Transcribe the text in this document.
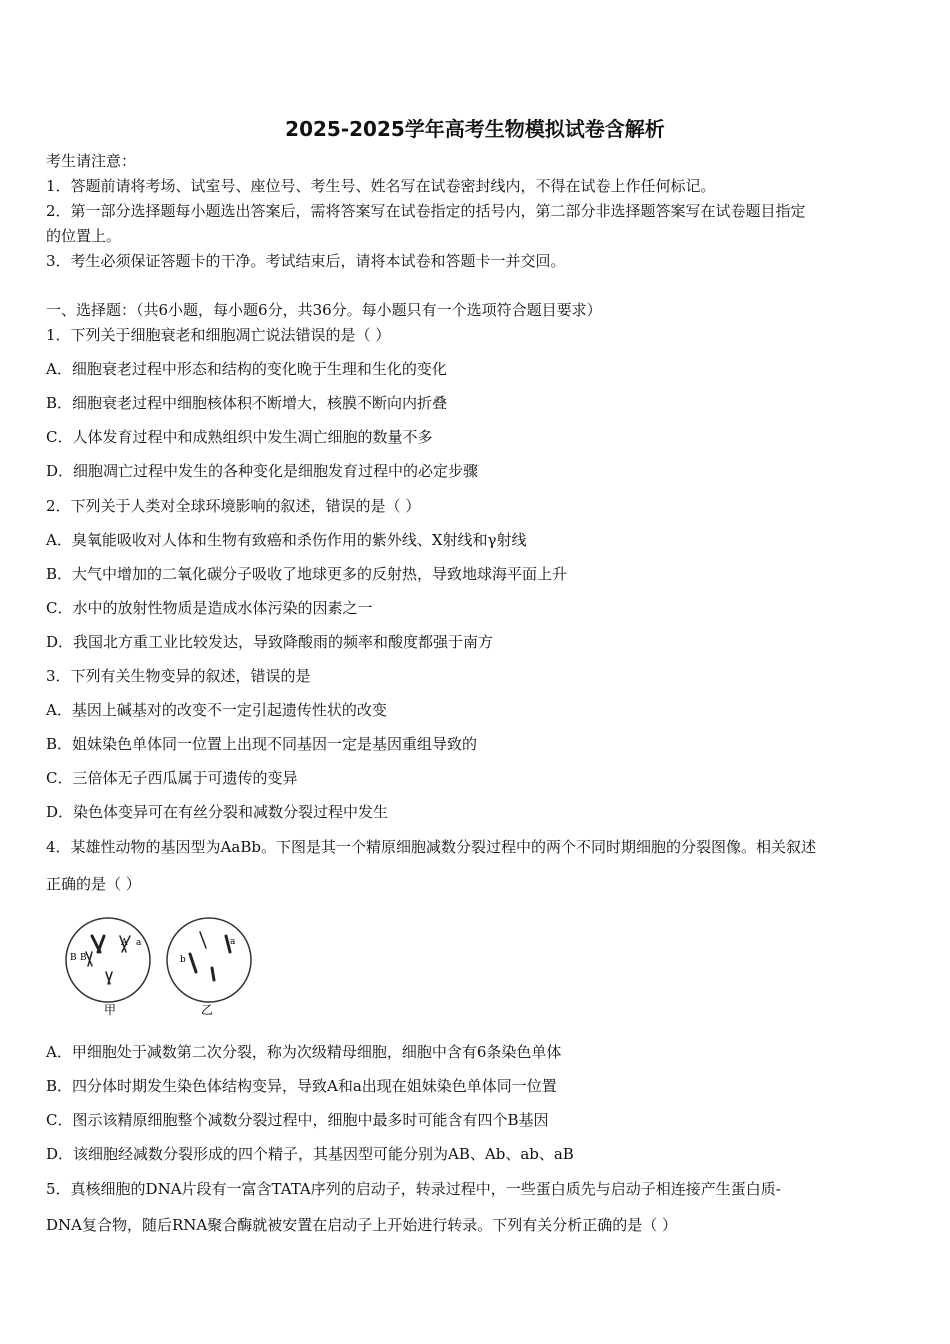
2025-2025学年高考生物模拟试卷含解析
考生请注意：
1．答题前请将考场、试室号、座位号、考生号、姓名写在试卷密封线内，不得在试卷上作任何标记。
2．第一部分选择题每小题选出答案后，需将答案写在试卷指定的括号内，第二部分非选择题答案写在试卷题目指定
的位置上。
3．考生必须保证答题卡的干净。考试结束后，请将本试卷和答题卡一并交回。
一、选择题：（共6小题，每小题6分，共36分。每小题只有一个选项符合题目要求）
1．下列关于细胞衰老和细胞凋亡说法错误的是（ ）
A．细胞衰老过程中形态和结构的变化晚于生理和生化的变化
B．细胞衰老过程中细胞核体积不断增大，核膜不断向内折叠
C．人体发育过程中和成熟组织中发生凋亡细胞的数量不多
D．细胞凋亡过程中发生的各种变化是细胞发育过程中的必定步骤
2．下列关于人类对全球环境影响的叙述，错误的是（ ）
A．臭氧能吸收对人体和生物有致癌和杀伤作用的紫外线、X射线和γ射线
B．大气中增加的二氧化碳分子吸收了地球更多的反射热，导致地球海平面上升
C．水中的放射性物质是造成水体污染的因素之一
D．我国北方重工业比较发达，导致降酸雨的频率和酸度都强于南方
3．下列有关生物变异的叙述，错误的是
A．基因上碱基对的改变不一定引起遗传性状的改变
B．姐妹染色单体同一位置上出现不同基因一定是基因重组导致的
C．三倍体无子西瓜属于可遗传的变异
D．染色体变异可在有丝分裂和减数分裂过程中发生
4．某雄性动物的基因型为AaBb。下图是其一个精原细胞减数分裂过程中的两个不同时期细胞的分裂图像。相关叙述
正确的是（ ）
A a
B B	b
a
甲	乙
A．甲细胞处于减数第二次分裂，称为次级精母细胞，细胞中含有6条染色单体
B．四分体时期发生染色体结构变异，导致A和a出现在姐妹染色单体同一位置
C．图示该精原细胞整个减数分裂过程中，细胞中最多时可能含有四个B基因
D．该细胞经减数分裂形成的四个精子，其基因型可能分别为AB、Ab、ab、aB
5．真核细胞的DNA片段有一富含TATA序列的启动子，转录过程中，一些蛋白质先与启动子相连接产生蛋白质-
DNA复合物，随后RNA聚合酶就被安置在启动子上开始进行转录。下列有关分析正确的是（ ）
